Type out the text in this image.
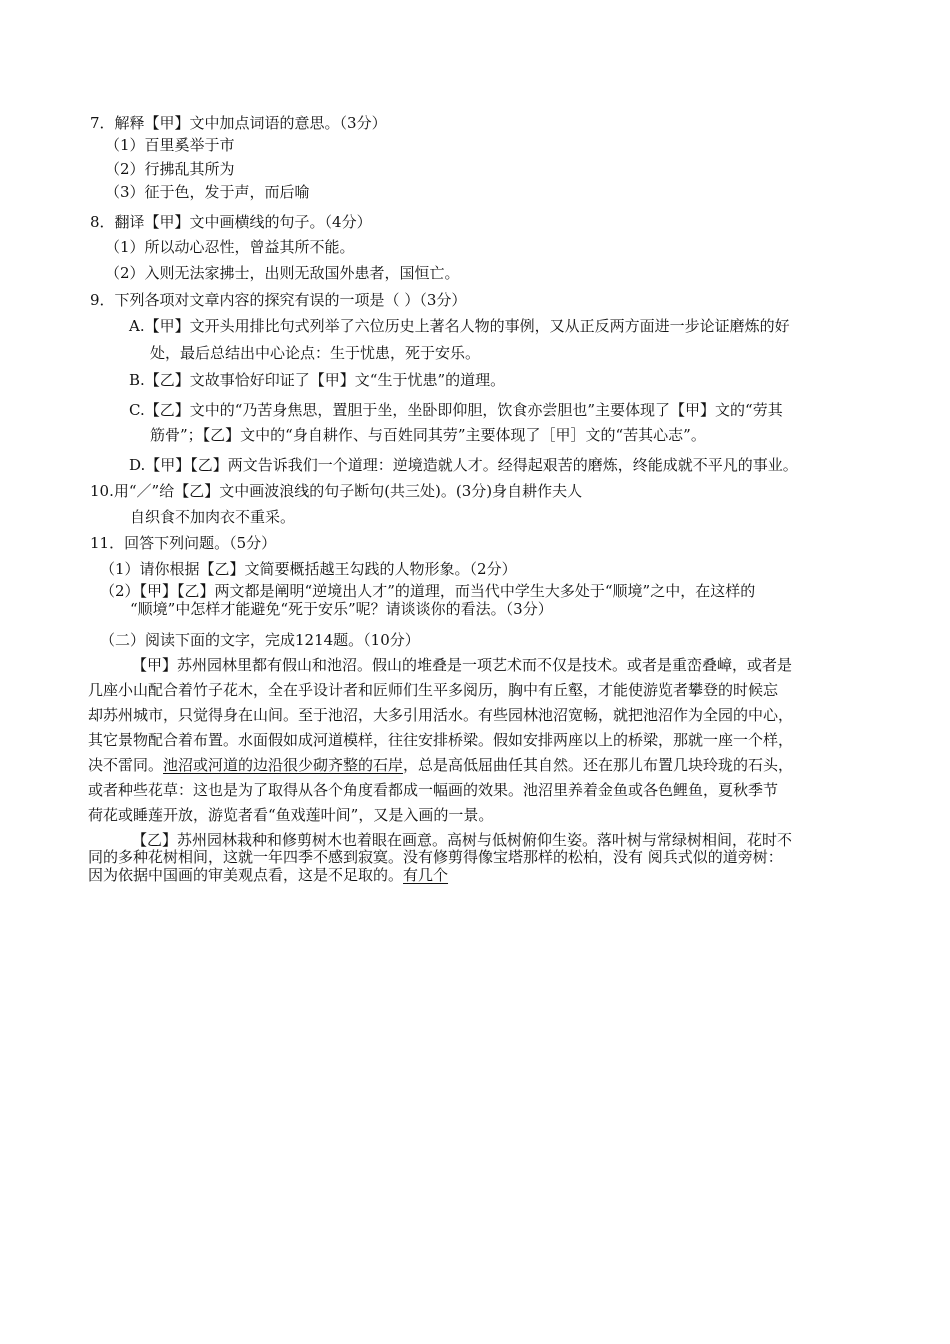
7．解释【甲】文中加点词语的意思。（3分）
（1）百里奚举于市
（2）行拂乱其所为
（3）征于色，发于声，而后喻
8．翻译【甲】文中画横线的句子。（4分）
（1）所以动心忍性，曾益其所不能。
（2）入则无法家拂士，出则无敌国外患者，国恒亡。
9．下列各项对文章内容的探究有误的一项是（ ）（3分）
A.【甲】文开头用排比句式列举了六位历史上著名人物的事例，又从正反两方面进一步论证磨炼的好
处，最后总结出中心论点：生于忧患，死于安乐。
B.【乙】文故事恰好印证了【甲】文“生于忧患”的道理。
C.【乙】文中的“乃苦身焦思，置胆于坐，坐卧即仰胆，饮食亦尝胆也”主要体现了【甲】文的“劳其
筋骨”；【乙】文中的“身自耕作、与百姓同其劳”主要体现了［甲］文的“苦其心志”。
D.【甲】【乙】两文告诉我们一个道理：逆境造就人才。经得起艰苦的磨炼，终能成就不平凡的事业。
10.用“／”给【乙】文中画波浪线的句子断句(共三处)。(3分)身自耕作夫人
自织食不加肉衣不重采。
11．回答下列问题。（5分）
（1）请你根据【乙】文简要概括越王勾践的人物形象。（2分）
（2）【甲】【乙】两文都是阐明“逆境出人才”的道理，而当代中学生大多处于“顺境”之中，在这样的
“顺境”中怎样才能避免“死于安乐”呢？请谈谈你的看法。（3分）
（二）阅读下面的文字，完成1214题。（10分）
【甲】苏州园林里都有假山和池沼。假山的堆叠是一项艺术而不仅是技术。或者是重峦叠嶂，或者是
几座小山配合着竹子花木，全在乎设计者和匠师们生平多阅历，胸中有丘壑，才能使游览者攀登的时候忘
却苏州城市，只觉得身在山间。至于池沼，大多引用活水。有些园林池沼宽畅，就把池沼作为全园的中心，
其它景物配合着布置。水面假如成河道模样，往往安排桥梁。假如安排两座以上的桥梁，那就一座一个样，
决不雷同。池沼或河道的边沿很少砌齐整的石岸，总是高低屈曲任其自然。还在那儿布置几块玲珑的石头，
或者种些花草：这也是为了取得从各个角度看都成一幅画的效果。池沼里养着金鱼或各色鲤鱼，夏秋季节
荷花或睡莲开放，游览者看“鱼戏莲叶间”，又是入画的一景。
【乙】苏州园林栽种和修剪树木也着眼在画意。高树与低树俯仰生姿。落叶树与常绿树相间，花时不
同的多种花树相间，这就一年四季不感到寂寞。没有修剪得像宝塔那样的松柏，没有 阅兵式似的道旁树：
因为依据中国画的审美观点看，这是不足取的。有几个
